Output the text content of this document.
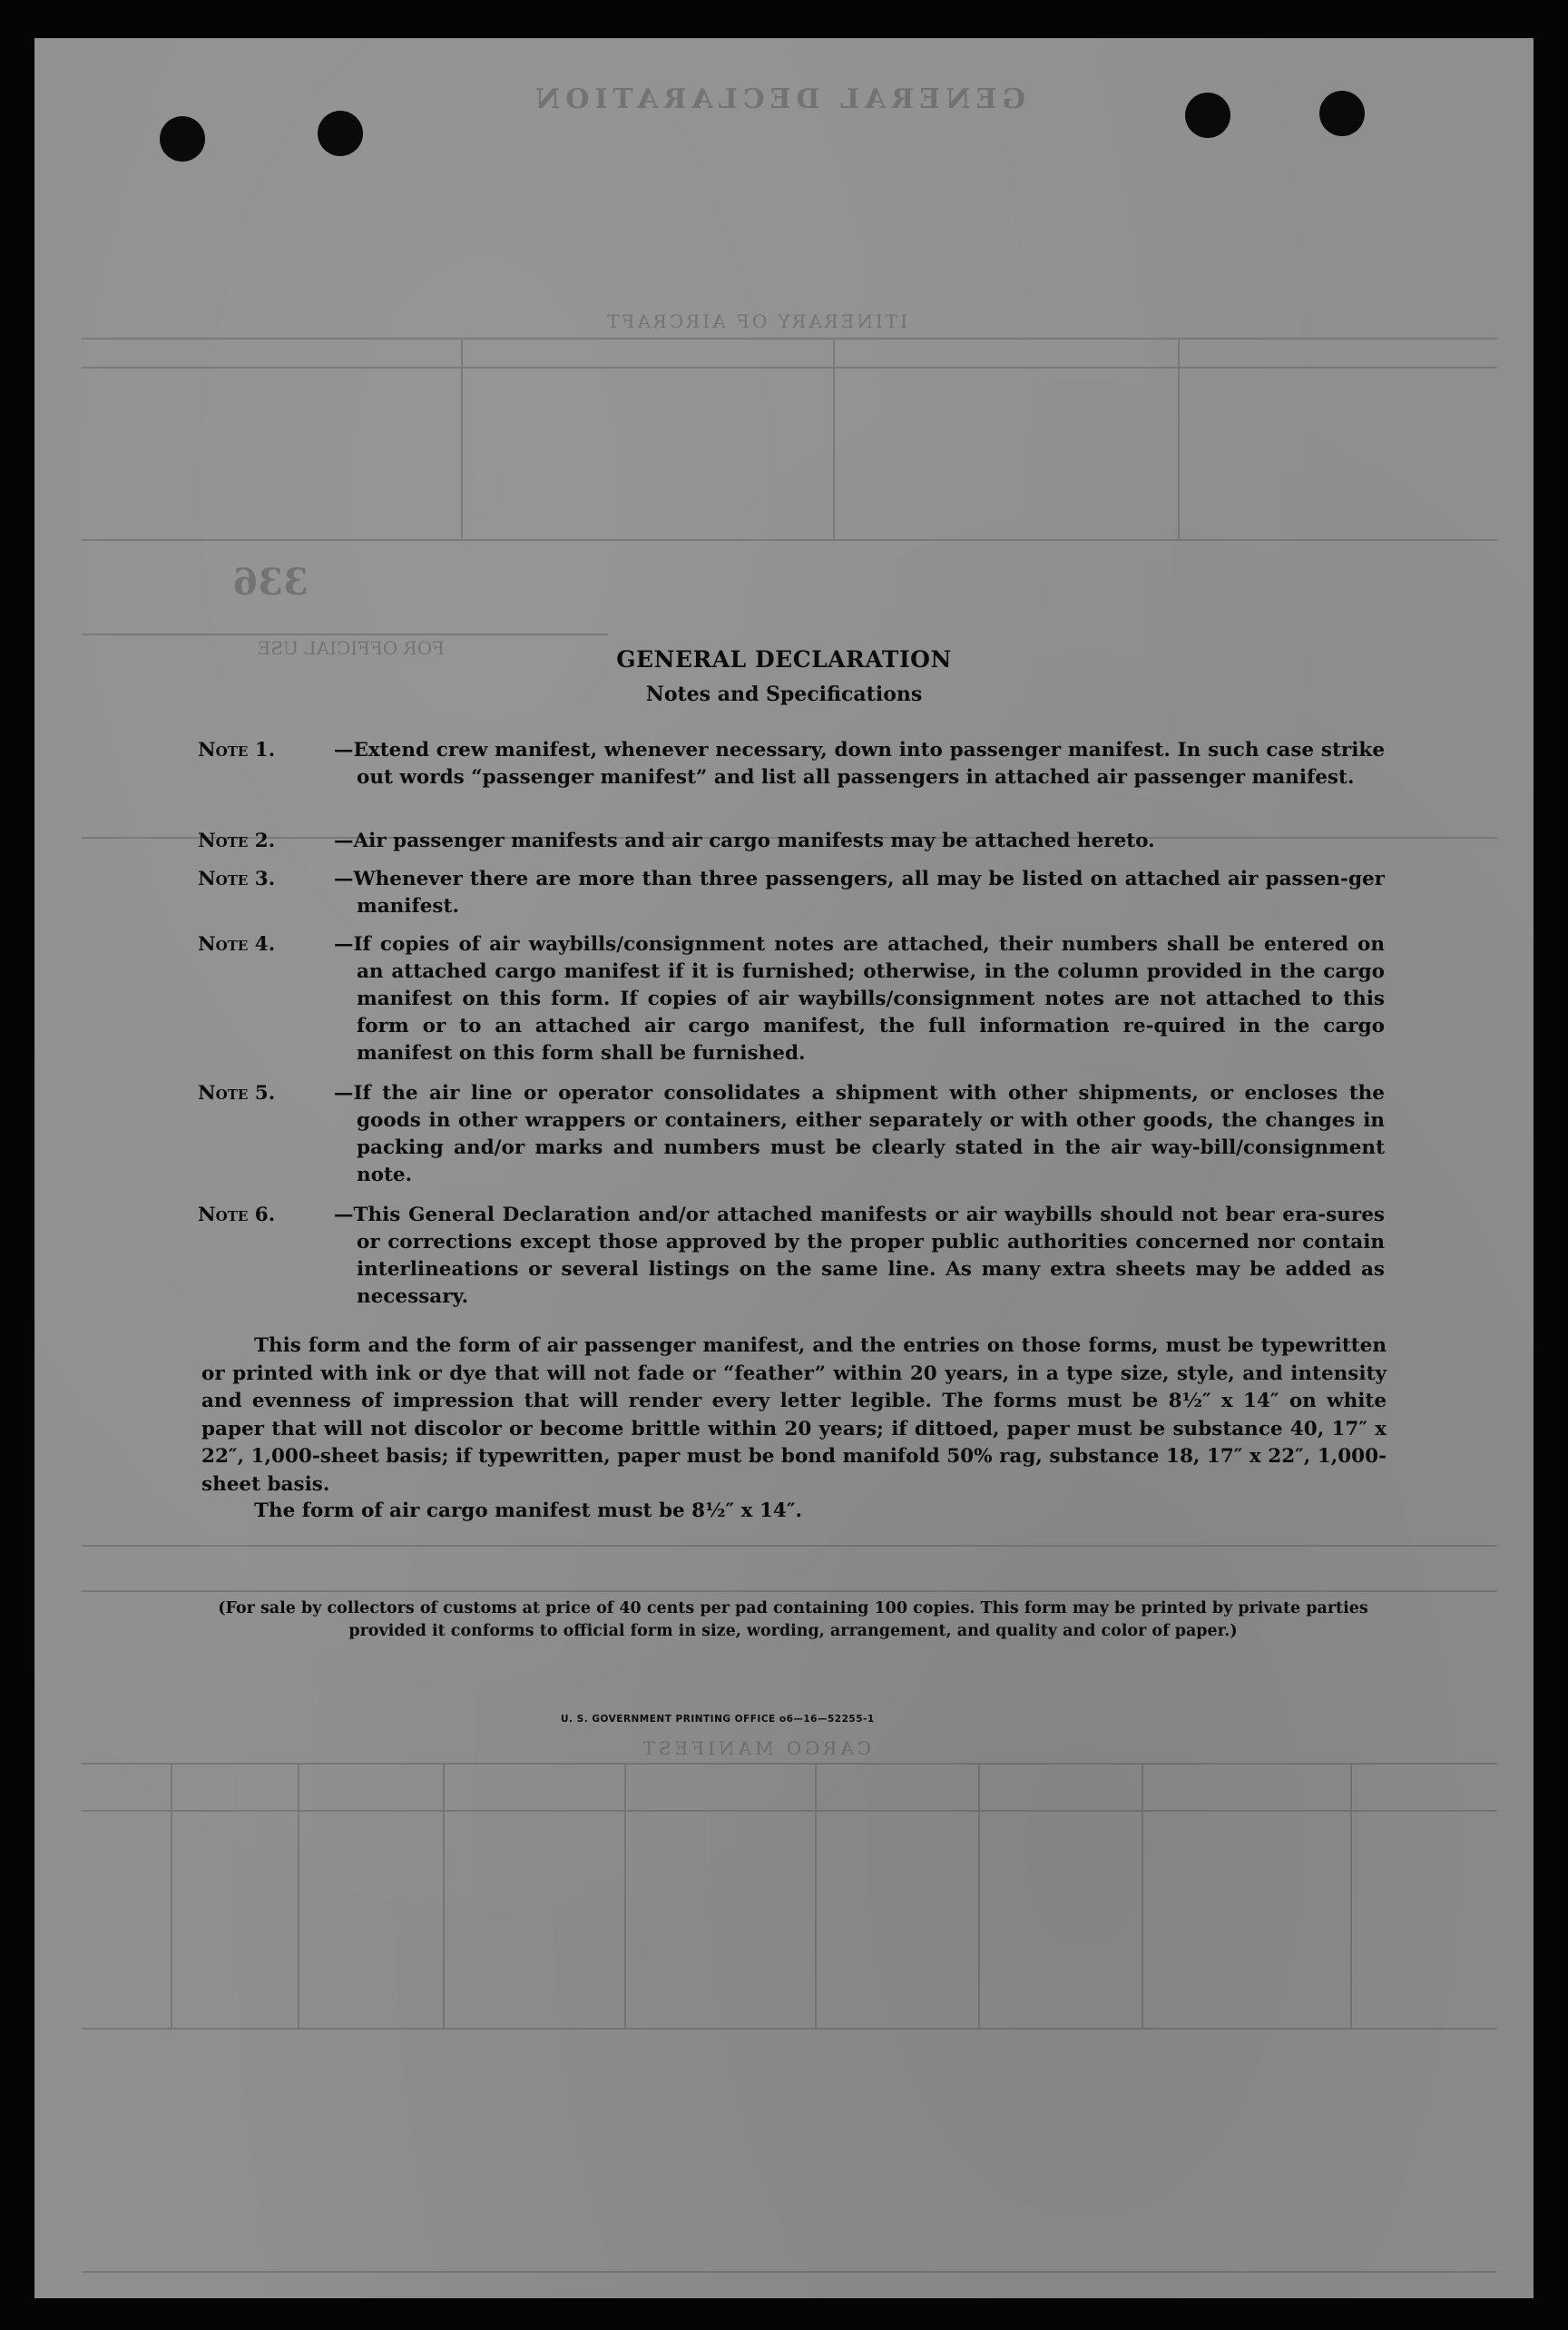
GENERAL DECLARATION
ITINERARY OF AIRCRAFT
336
FOR OFFICIAL USE
CARGO MANIFEST
GENERAL DECLARATION
Notes and Specifications
Note 1.	—Extend crew manifest, whenever necessary, down into passenger manifest. In such case strike out words “passenger manifest” and list all passengers in attached air passenger manifest.
Note 2.	—Air passenger manifests and air cargo manifests may be attached hereto.
Note 3.	—Whenever there are more than three passengers, all may be listed on attached air passen-ger manifest.
Note 4.	—If copies of air waybills/consignment notes are attached, their numbers shall be entered on an attached cargo manifest if it is furnished; otherwise, in the column provided in the cargo manifest on this form. If copies of air waybills/consignment notes are not attached to this form or to an attached air cargo manifest, the full information re-quired in the cargo manifest on this form shall be furnished.
Note 5.	—If the air line or operator consolidates a shipment with other shipments, or encloses the goods in other wrappers or containers, either separately or with other goods, the changes in packing and/or marks and numbers must be clearly stated in the air way-bill/consignment note.
Note 6.	—This General Declaration and/or attached manifests or air waybills should not bear era-sures or corrections except those approved by the proper public authorities concerned nor contain interlineations or several listings on the same line. As many extra sheets may be added as necessary.
This form and the form of air passenger manifest, and the entries on those forms, must be typewritten or printed with ink or dye that will not fade or “feather” within 20 years, in a type size, style, and intensity and evenness of impression that will render every letter legible. The forms must be 8½″ x 14″ on white paper that will not discolor or become brittle within 20 years; if dittoed, paper must be substance 40, 17″ x 22″, 1,000-sheet basis; if typewritten, paper must be bond manifold 50% rag, substance 18, 17″ x 22″, 1,000-sheet basis.
The form of air cargo manifest must be 8½″ x 14″.
(For sale by collectors of customs at price of 40 cents per pad containing 100 copies. This form may be printed by private parties provided it conforms to official form in size, wording, arrangement, and quality and color of paper.)
U. S. GOVERNMENT PRINTING OFFICE o6—16—52255-1
